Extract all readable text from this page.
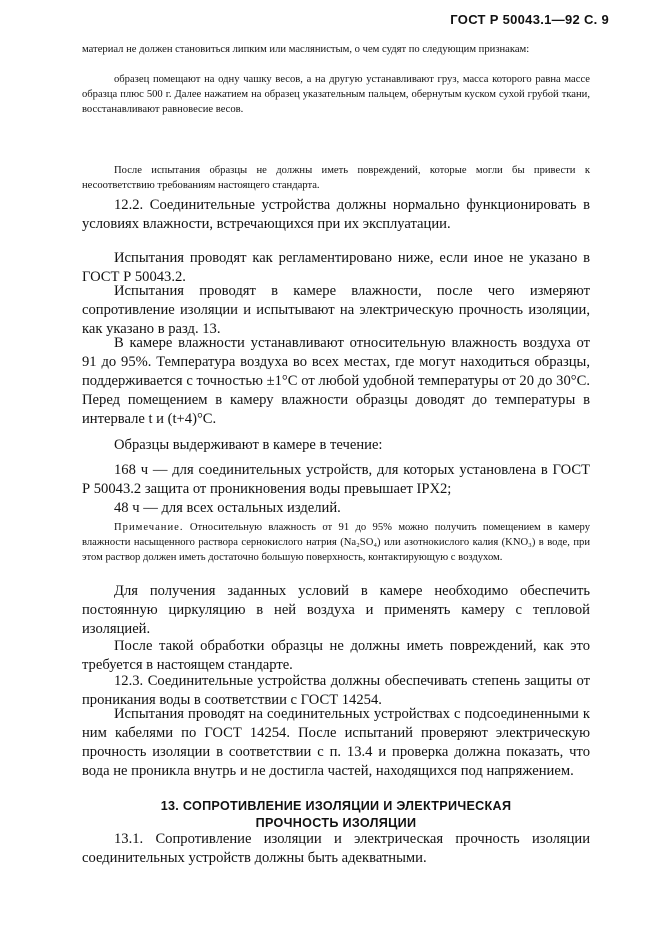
ГОСТ Р 50043.1—92 С. 9
материал не должен становиться липким или маслянистым, о чем судят по следующим признакам:
образец помещают на одну чашку весов, а на другую устанавливают груз, масса которого равна массе образца плюс 500 г. Далее нажатием на образец указательным пальцем, обернутым куском сухой грубой ткани, восстанавливают равновесие весов.
После испытания образцы не должны иметь повреждений, которые могли бы привести к несоответствию требованиям настоящего стандарта.
12.2. Соединительные устройства должны нормально функционировать в условиях влажности, встречающихся при их эксплуатации.
Испытания проводят как регламентировано ниже, если иное не указано в ГОСТ Р 50043.2.
Испытания проводят в камере влажности, после чего измеряют сопротивление изоляции и испытывают на электрическую прочность изоляции, как указано в разд. 13.
В камере влажности устанавливают относительную влажность воздуха от 91 до 95%. Температура воздуха во всех местах, где могут находиться образцы, поддерживается с точностью ±1°С от любой удобной температуры от 20 до 30°С. Перед помещением в камеру влажности образцы доводят до температуры в интервале t и (t+4)°С.
Образцы выдерживают в камере в течение:
168 ч — для соединительных устройств, для которых установлена в ГОСТ Р 50043.2 защита от проникновения воды превышает IPX2;
48 ч — для всех остальных изделий.
Примечание. Относительную влажность от 91 до 95% можно получить помещением в камеру влажности насыщенного раствора сернокислого натрия (Na₂SO₄) или азотнокислого калия (KNO₃) в воде, при этом раствор должен иметь достаточно большую поверхность, контактирующую с воздухом.
Для получения заданных условий в камере необходимо обеспечить постоянную циркуляцию в ней воздуха и применять камеру с тепловой изоляцией.
После такой обработки образцы не должны иметь повреждений, как это требуется в настоящем стандарте.
12.3. Соединительные устройства должны обеспечивать степень защиты от проникания воды в соответствии с ГОСТ 14254.
Испытания проводят на соединительных устройствах с подсоединенными к ним кабелями по ГОСТ 14254. После испытаний проверяют электрическую прочность изоляции в соответствии с п. 13.4 и проверка должна показать, что вода не проникла внутрь и не достигла частей, находящихся под напряжением.
13. СОПРОТИВЛЕНИЕ ИЗОЛЯЦИИ И ЭЛЕКТРИЧЕСКАЯ
ПРОЧНОСТЬ ИЗОЛЯЦИИ
13.1. Сопротивление изоляции и электрическая прочность изоляции соединительных устройств должны быть адекватными.
